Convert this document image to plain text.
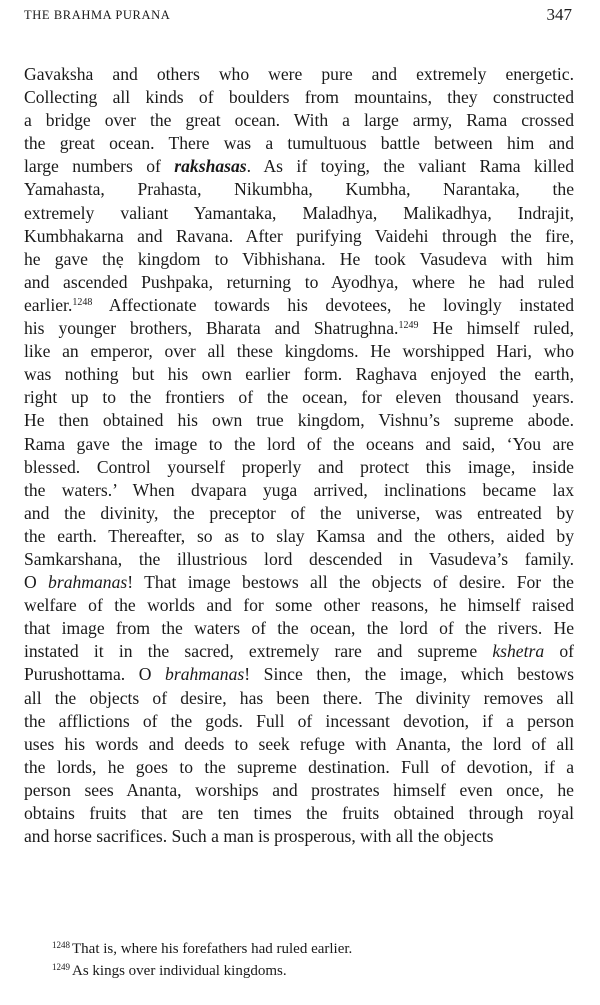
THE BRAHMA PURANA	347
Gavaksha and others who were pure and extremely energetic.
Collecting all kinds of boulders from mountains, they constructed
a bridge over the great ocean. With a large army, Rama crossed
the great ocean. There was a tumultuous battle between him and
large numbers of rakshasas. As if toying, the valiant Rama killed
Yamahasta, Prahasta, Nikumbha, Kumbha, Narantaka, the
extremely valiant Yamantaka, Maladhya, Malikadhya, Indrajit,
Kumbhakarna and Ravana. After purifying Vaidehi through the fire,
he gave thẹ kingdom to Vibhishana. He took Vasudeva with him
and ascended Pushpaka, returning to Ayodhya, where he had ruled
earlier.$^{1248}$ Affectionate towards his devotees, he lovingly instated
his younger brothers, Bharata and Shatrughna.$^{1249}$ He himself ruled,
like an emperor, over all these kingdoms. He worshipped Hari, who
was nothing but his own earlier form. Raghava enjoyed the earth,
right up to the frontiers of the ocean, for eleven thousand years.
He then obtained his own true kingdom, Vishnu’s supreme abode.
Rama gave the image to the lord of the oceans and said, ‘You are
blessed. Control yourself properly and protect this image, inside
the waters.’ When dvapara yuga arrived, inclinations became lax
and the divinity, the preceptor of the universe, was entreated by
the earth. Thereafter, so as to slay Kamsa and the others, aided by
Samkarshana, the illustrious lord descended in Vasudeva’s family.
O brahmanas! That image bestows all the objects of desire. For the
welfare of the worlds and for some other reasons, he himself raised
that image from the waters of the ocean, the lord of the rivers. He
instated it in the sacred, extremely rare and supreme kshetra of
Purushottama. O brahmanas! Since then, the image, which bestows
all the objects of desire, has been there. The divinity removes all
the afflictions of the gods. Full of incessant devotion, if a person
uses his words and deeds to seek refuge with Ananta, the lord of all
the lords, he goes to the supreme destination. Full of devotion, if a
person sees Ananta, worships and prostrates himself even once, he
obtains fruits that are ten times the fruits obtained through royal
and horse sacrifices. Such a man is prosperous, with all the objects
$^{1248}$ That is, where his forefathers had ruled earlier.
$^{1249}$ As kings over individual kingdoms.
